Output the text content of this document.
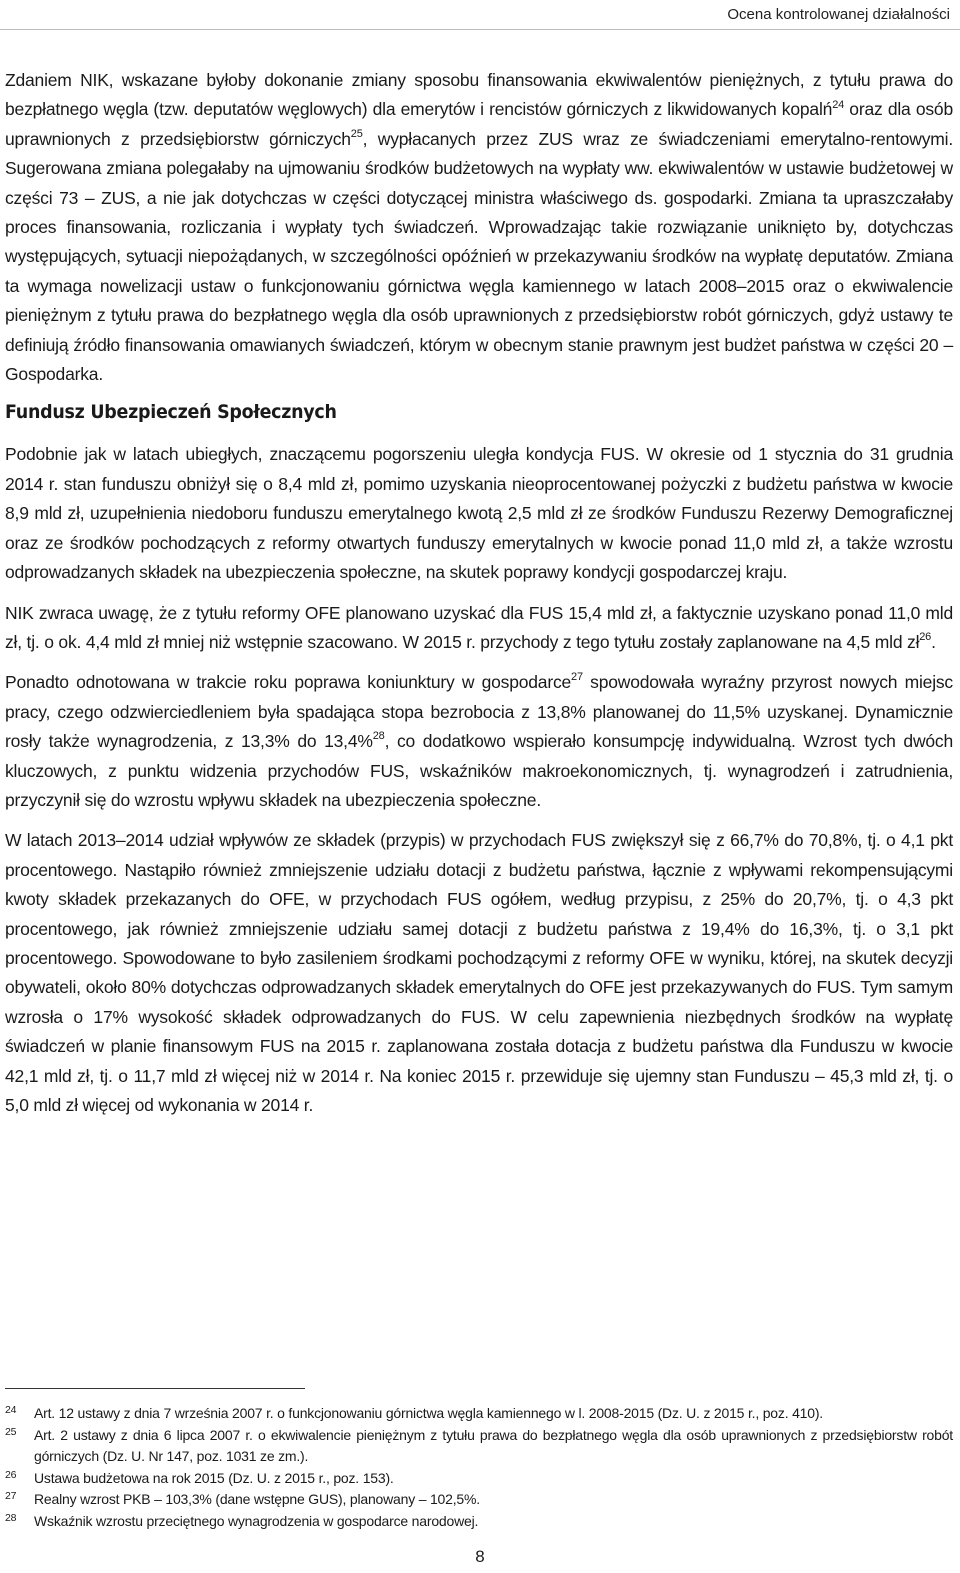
Ocena kontrolowanej działalności

Zdaniem NIK, wskazane byłoby dokonanie zmiany sposobu finansowania ekwiwalentów pieniężnych, z tytułu prawa do bezpłatnego węgla (tzw. deputatów węglowych) dla emerytów i rencistów górniczych z likwidowanych kopalń$^{24}$ oraz dla osób uprawnionych z przedsiębiorstw górniczych$^{25}$, wypłacanych przez ZUS wraz ze świadczeniami emerytalno-rentowymi. Sugerowana zmiana polegałaby na ujmowaniu środków budżetowych na wypłaty ww. ekwiwalentów w ustawie budżetowej w części 73 – ZUS, a nie jak dotychczas w części dotyczącej ministra właściwego ds. gospodarki. Zmiana ta upraszczałaby proces finansowania, rozliczania i wypłaty tych świadczeń. Wprowadzając takie rozwiązanie uniknięto by, dotychczas występujących, sytuacji niepożądanych, w szczególności opóźnień w przekazywaniu środków na wypłatę deputatów. Zmiana ta wymaga nowelizacji ustaw o funkcjonowaniu górnictwa węgla kamiennego w latach 2008–2015 oraz o ekwiwalencie pieniężnym z tytułu prawa do bezpłatnego węgla dla osób uprawnionych z przedsiębiorstw robót górniczych, gdyż ustawy te definiują źródło finansowania omawianych świadczeń, którym w obecnym stanie prawnym jest budżet państwa w części 20 – Gospodarka.

Fundusz Ubezpieczeń Społecznych

Podobnie jak w latach ubiegłych, znaczącemu pogorszeniu uległa kondycja FUS. W okresie od 1 stycznia do 31 grudnia 2014 r. stan funduszu obniżył się o 8,4 mld zł, pomimo uzyskania nieoprocentowanej pożyczki z budżetu państwa w kwocie 8,9 mld zł, uzupełnienia niedoboru funduszu emerytalnego kwotą 2,5 mld zł ze środków Funduszu Rezerwy Demograficznej oraz ze środków pochodzących z reformy otwartych funduszy emerytalnych w kwocie ponad 11,0 mld zł, a także wzrostu odprowadzanych składek na ubezpieczenia społeczne, na skutek poprawy kondycji gospodarczej kraju.

NIK zwraca uwagę, że z tytułu reformy OFE planowano uzyskać dla FUS 15,4 mld zł, a faktycznie uzyskano ponad 11,0 mld zł, tj. o ok. 4,4 mld zł mniej niż wstępnie szacowano. W 2015 r. przychody z tego tytułu zostały zaplanowane na 4,5 mld $zł^{26}$.

Ponadto odnotowana w trakcie roku poprawa koniunktury w gospodarce$^{27}$ spowodowała wyraźny przyrost nowych miejsc pracy, czego odzwierciedleniem była spadająca stopa bezrobocia z 13,8% planowanej do 11,5% uzyskanej. Dynamicznie rosły także wynagrodzenia, z 13,3% do 13,4%$^{28}$, co dodatkowo wspierało konsumpcję indywidualną. Wzrost tych dwóch kluczowych, z punktu widzenia przychodów FUS, wskaźników makroekonomicznych, tj. wynagrodzeń i zatrudnienia, przyczynił się do wzrostu wpływu składek na ubezpieczenia społeczne.

W latach 2013–2014 udział wpływów ze składek (przypis) w przychodach FUS zwiększył się z 66,7% do 70,8%, tj. o 4,1 pkt procentowego. Nastąpiło również zmniejszenie udziału dotacji z budżetu państwa, łącznie z wpływami rekompensującymi kwoty składek przekazanych do OFE, w przychodach FUS ogółem, według przypisu, z 25% do 20,7%, tj. o 4,3 pkt procentowego, jak również zmniejszenie udziału samej dotacji z budżetu państwa z 19,4% do 16,3%, tj. o 3,1 pkt procentowego. Spowodowane to było zasileniem środkami pochodzącymi z reformy OFE w wyniku, której, na skutek decyzji obywateli, około 80% dotychczas odprowadzanych składek emerytalnych do OFE jest przekazywanych do FUS. Tym samym wzrosła o 17% wysokość składek odprowadzanych do FUS. W celu zapewnienia niezbędnych środków na wypłatę świadczeń w planie finansowym FUS na 2015 r. zaplanowana została dotacja z budżetu państwa dla Funduszu w kwocie 42,1 mld zł, tj. o 11,7 mld zł więcej niż w 2014 r. Na koniec 2015 r. przewiduje się ujemny stan Funduszu – 45,3 mld zł, tj. o 5,0 mld zł więcej od wykonania w 2014 r.

24	Art. 12 ustawy z dnia 7 września 2007 r. o funkcjonowaniu górnictwa węgla kamiennego w l. 2008-2015 (Dz. U. z 2015 r., poz. 410).
25	Art. 2 ustawy z dnia 6 lipca 2007 r. o ekwiwalencie pieniężnym z tytułu prawa do bezpłatnego węgla dla osób uprawnionych z przedsiębiorstw robót górniczych (Dz. U. Nr 147, poz. 1031 ze zm.).
26	Ustawa budżetowa na rok 2015 (Dz. U. z 2015 r., poz. 153).
27	Realny wzrost PKB – 103,3% (dane wstępne GUS), planowany – 102,5%.
28	Wskaźnik wzrostu przeciętnego wynagrodzenia w gospodarce narodowej.
8
